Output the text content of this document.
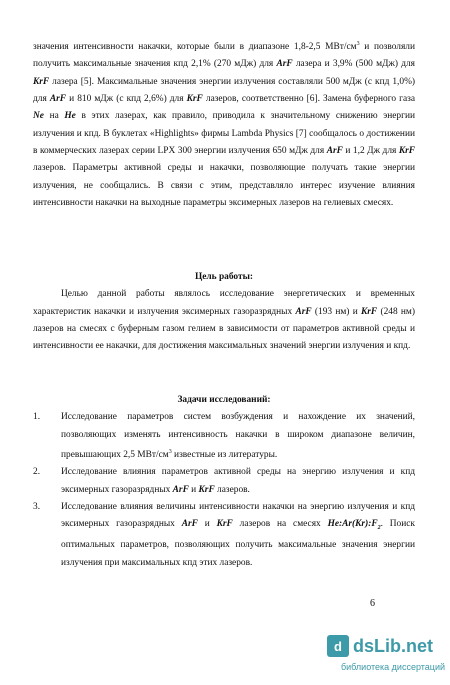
значения интенсивности накачки, которые были в диапазоне 1,8-2,5 МВт/$см^3$ и позволяли получить максимальные значения кпд 2,1% (270 мДж) для ArF лазера и 3,9% (500 мДж) для KrF лазера [5]. Максимальные значения энергии излучения составляли 500 мДж (с кпд 1,0%) для ArF и 810 мДж (с кпд 2,6%) для KrF лазеров, соответственно [6]. Замена буферного газа Ne на He в этих лазерах, как правило, приводила к значительному снижению энергии излучения и кпд. В буклетах «Highlights» фирмы Lambda Physics [7] сообщалось о достижении в коммерческих лазерах серии LPX 300 энергии излучения 650 мДж для ArF и 1,2 Дж для KrF лазеров. Параметры активной среды и накачки, позволяющие получать такие энергии излучения, не сообщались. В связи с этим, представляло интерес изучение влияния интенсивности накачки на выходные параметры эксимерных лазеров на гелиевых смесях.

Цель работы:

Целью данной работы являлось исследование энергетических и временных характеристик накачки и излучения эксимерных газоразрядных ArF (193 нм) и KrF (248 нм) лазеров на смесях с буферным газом гелием в зависимости от параметров активной среды и интенсивности ее накачки, для достижения максимальных значений энергии излучения и кпд.

Задачи исследований:

1. Исследование параметров систем возбуждения и нахождение их значений, позволяющих изменять интенсивность накачки в широком диапазоне величин, превышающих 2,5 МВт/$см^3$ известные из литературы.
2. Исследование влияния параметров активной среды на энергию излучения и кпд эксимерных газоразрядных ArF и KrF лазеров.
3. Исследование влияния величины интенсивности накачки на энергию излучения и кпд эксимерных газоразрядных ArF и KrF лазеров на смесях $He:Ar(Kr):F_2$. Поиск оптимальных параметров, позволяющих получить максимальные значения энергии излучения при максимальных кпд этих лазеров.
6
d dsLib.net
библиотека диссертаций
